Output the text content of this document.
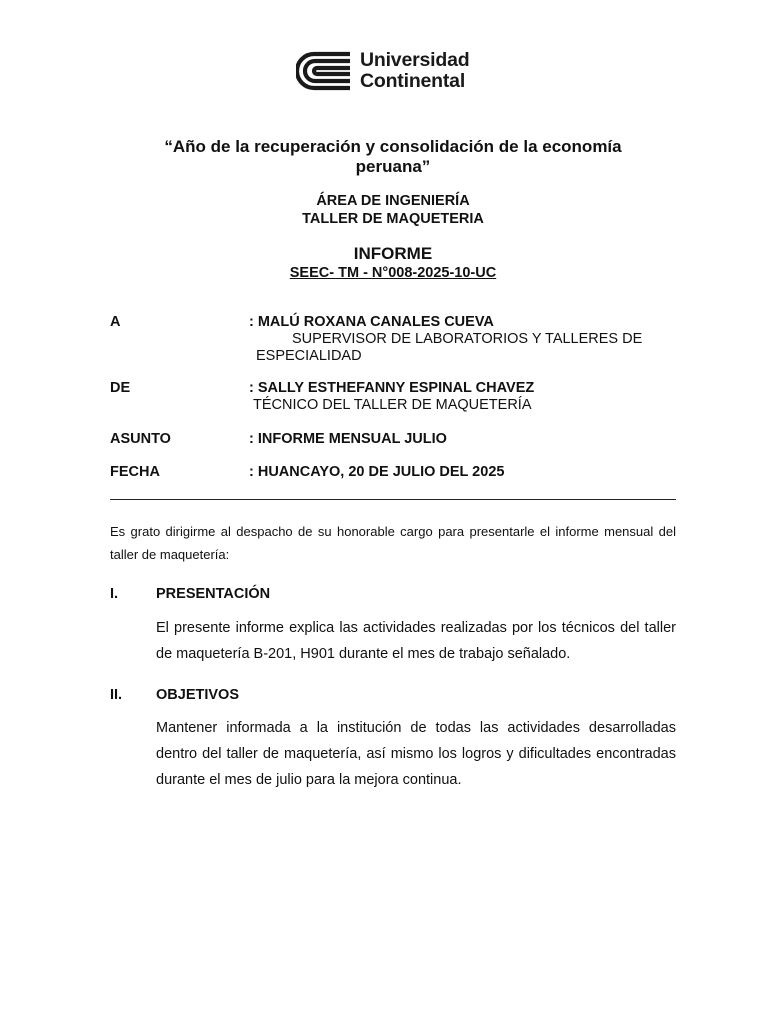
Universidad
Continental
“Año de la recuperación y consolidación de la economía
peruana”
ÁREA DE INGENIERÍA
TALLER DE MAQUETERIA
INFORME
SEEC- TM - N°008-2025-10-UC
A	: MALÚ ROXANA CANALES CUEVA
SUPERVISOR DE LABORATORIOS Y TALLERES DE
ESPECIALIDAD
DE	: SALLY ESTHEFANNY ESPINAL CHAVEZ
TÉCNICO DEL TALLER DE MAQUETERÍA
ASUNTO	: INFORME MENSUAL JULIO
FECHA	: HUANCAYO, 20 DE JULIO DEL 2025
Es grato dirigirme al despacho de su honorable cargo para presentarle el informe mensual del taller de maquetería:
I.	PRESENTACIÓN
El presente informe explica las actividades realizadas por los técnicos del taller de maquetería B-201, H901 durante el mes de trabajo señalado.
II. OBJETIVOS
Mantener informada a la institución de todas las actividades desarrolladas dentro del taller de maquetería, así mismo los logros y dificultades encontradas durante el mes de julio para la mejora continua.
